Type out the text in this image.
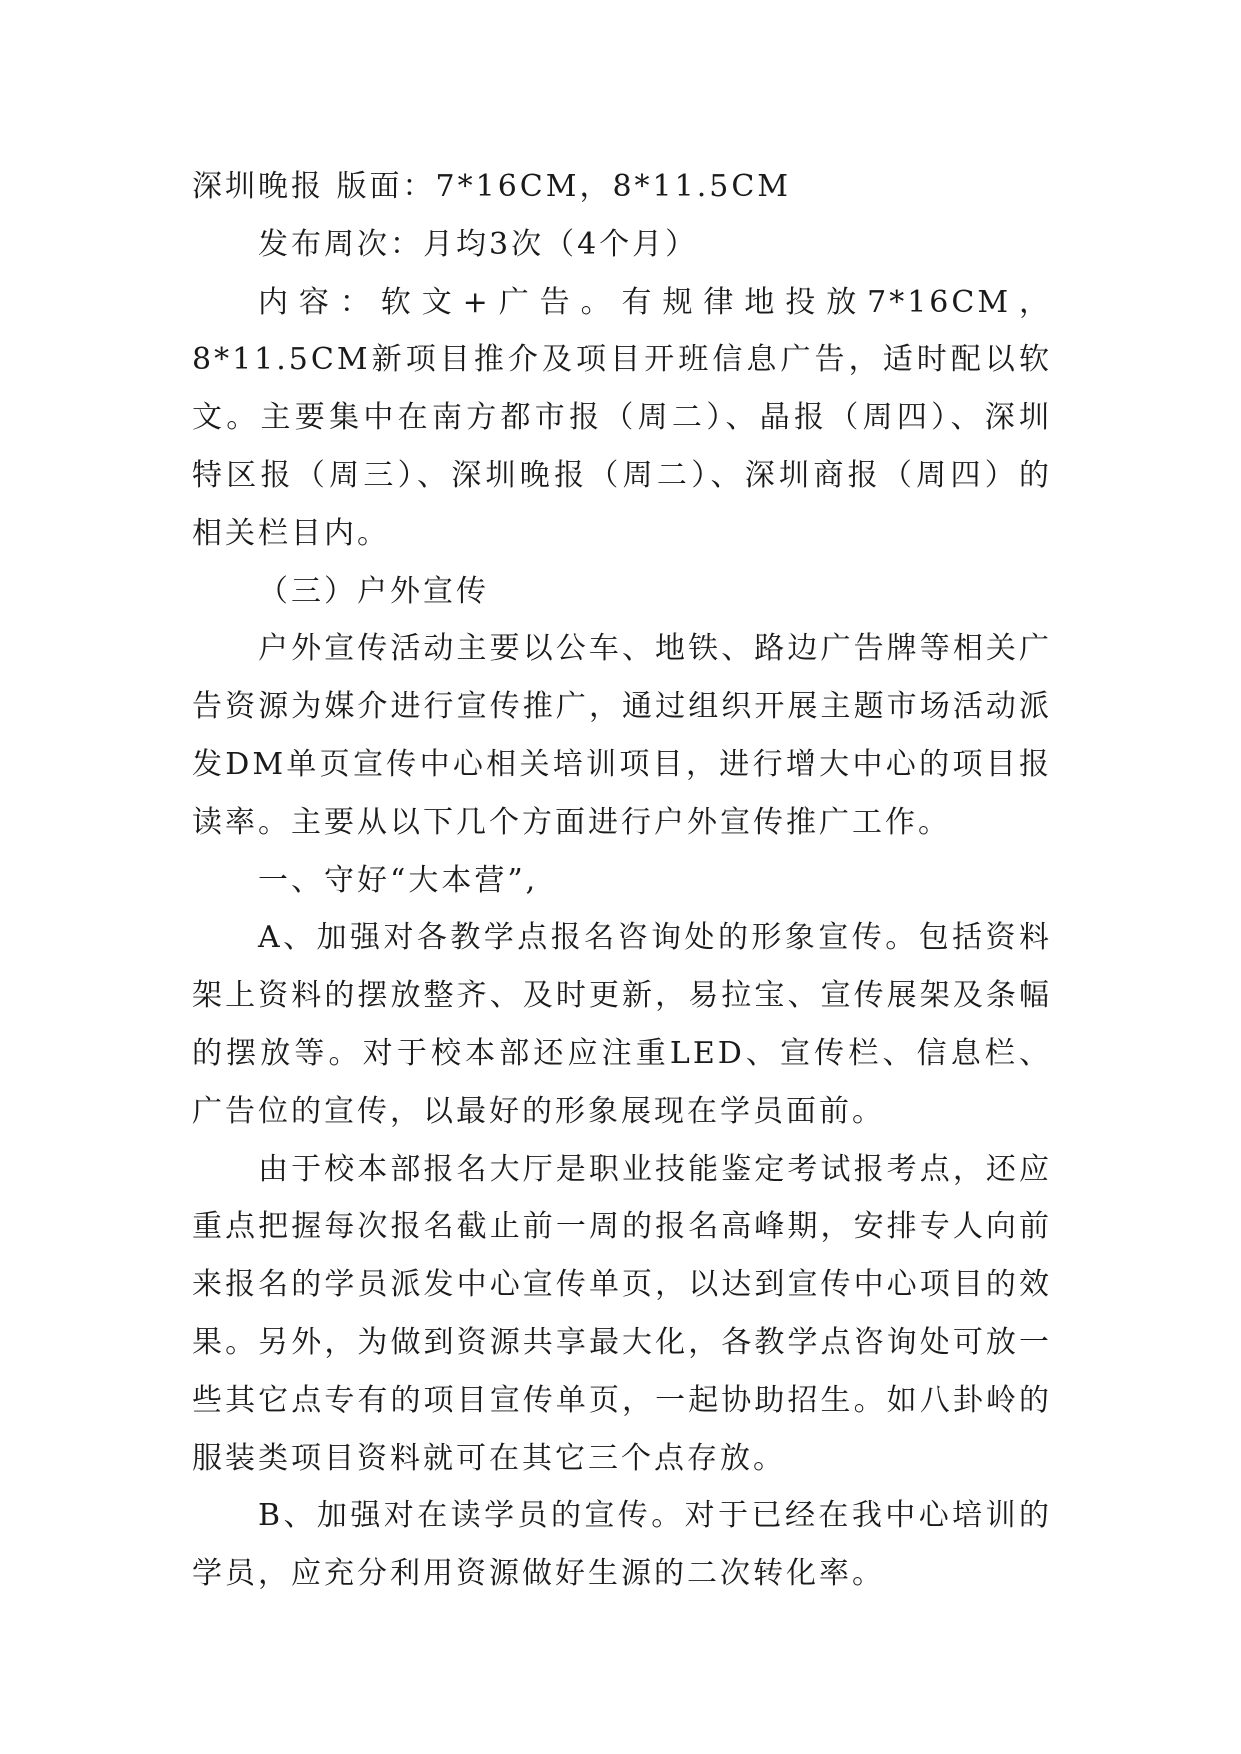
深圳晚报 版面：7*16CM，8*11.5CM

发布周次：月均3次（4个月）

内容：软文+广告。有规律地投放7*16CM，8*11.5CM新项目推介及项目开班信息广告，适时配以软文。主要集中在南方都市报（周二）、晶报（周四）、深圳特区报（周三）、深圳晚报（周二）、深圳商报（周四）的相关栏目内。

（三）户外宣传

户外宣传活动主要以公车、地铁、路边广告牌等相关广告资源为媒介进行宣传推广，通过组织开展主题市场活动派发DM单页宣传中心相关培训项目，进行增大中心的项目报读率。主要从以下几个方面进行户外宣传推广工作。

一、守好“大本营”,

A、加强对各教学点报名咨询处的形象宣传。包括资料架上资料的摆放整齐、及时更新，易拉宝、宣传展架及条幅的摆放等。对于校本部还应注重LED、宣传栏、信息栏、广告位的宣传，以最好的形象展现在学员面前。

由于校本部报名大厅是职业技能鉴定考试报考点，还应重点把握每次报名截止前一周的报名高峰期，安排专人向前来报名的学员派发中心宣传单页，以达到宣传中心项目的效果。另外，为做到资源共享最大化，各教学点咨询处可放一些其它点专有的项目宣传单页，一起协助招生。如八卦岭的服装类项目资料就可在其它三个点存放。

B、加强对在读学员的宣传。对于已经在我中心培训的学员，应充分利用资源做好生源的二次转化率。
